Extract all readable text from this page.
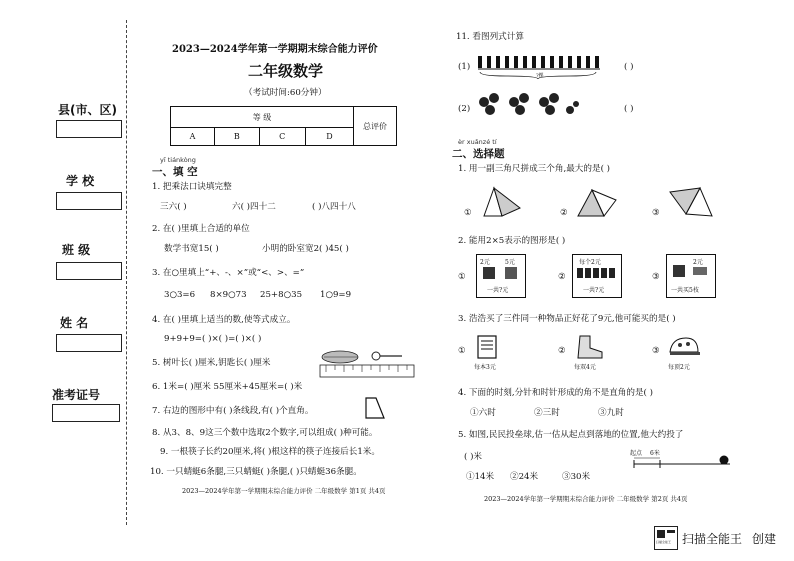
县(市、区)
学 校
班 级
姓 名
准考证号
2023—2024学年第一学期期末综合能力评价
二年级数学
（考试时间:60分钟）
等 级				总评价
A	B	C	D	
yī tiánkòng
一、填 空
1. 把乘法口诀填完整
三六( )	六( )四十二	( )八四十八
2. 在( )里填上合适的单位
数学书宽15( )	小明的卧室宽2( )45( )
3. 在○里填上“+、-、×”或“<、>、=”
3○3=6 8×9○73 25+8○35 1○9=9
4. 在( )里填上适当的数,使等式成立。
9+9+9=( )×( )=( )×( )
5. 树叶长( )厘米,钥匙长( )厘米
6. 1米=( )厘米 55厘米+45厘米=( )米
7. 右边的图形中有( )条线段,有( )个直角。
8. 从3、8、9这三个数中选取2个数字,可以组成( )种可能。
9. 一根筷子长约20厘米,将( )根这样的筷子连接后长1米。
10. 一只蜻蜓6条腿,三只蜻蜓( )条腿,( )只蜻蜓36条腿。
2023—2024学年第一学期期末综合能力评价 二年级数学 第1页 共4页
11. 看图列式计算
(1)
?棵
( )
(2)	( )
èr xuǎnzé tí
二、选择题
1. 用一副三角尺拼成三个角,最大的是( )
①	②	③
2. 能用2×5表示的图形是( )
①
2元	5元
一共?元
②
每个2元
一共?元
③
2元
一共买5枝
3. 浩浩买了三件同一种物品正好花了9元,他可能买的是( )
①
每本3元
②
每双4元
③
每顶2元
4. 下面的时刻,分针和时针形成的角不是直角的是( )
①六时	②三时	③九时
5. 如图,民民投垒球,估一估从起点到落地的位置,他大约投了
( )米
①14米 ②24米	③30米
起点 6米
2023—2024学年第一学期期末综合能力评价 二年级数学 第2页 共4页
扫描全能王 扫描全能王 创建
